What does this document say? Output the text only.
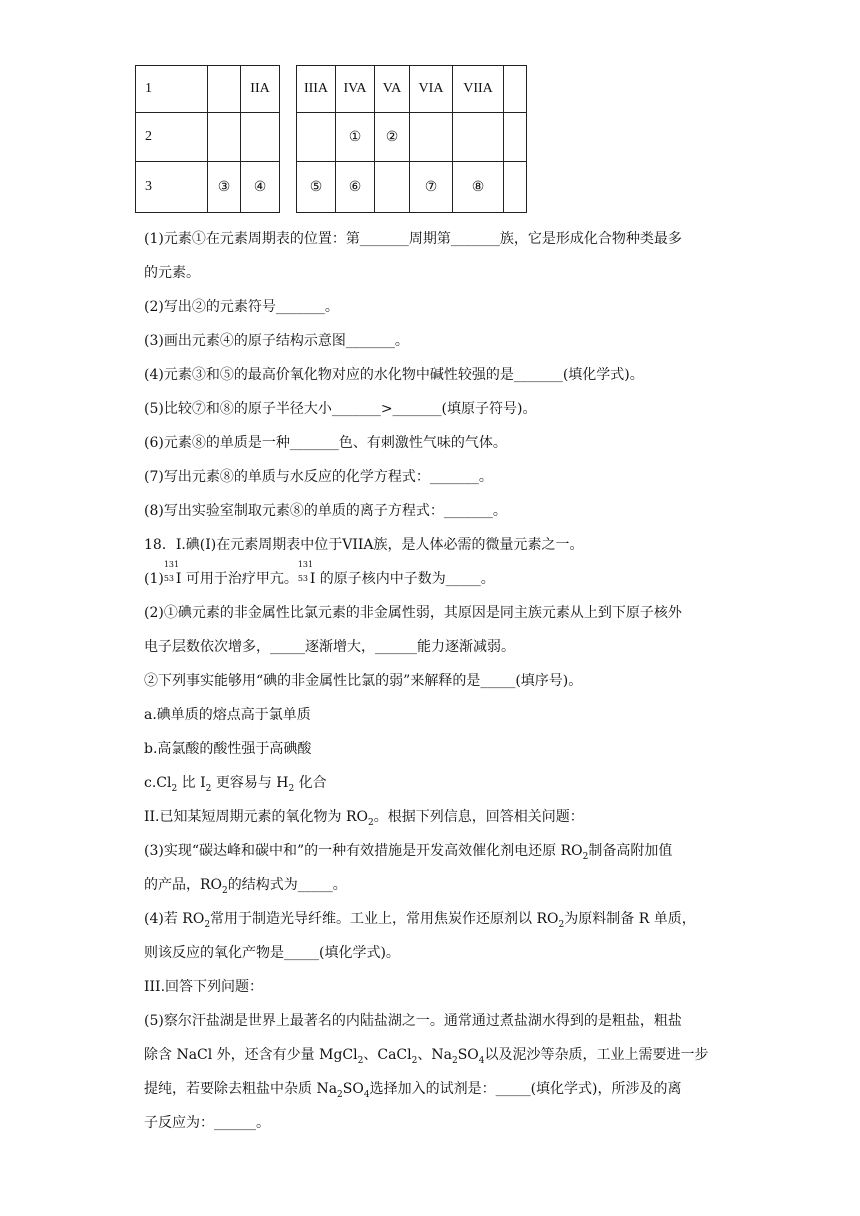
1		IIA		IIIA	IVA	VA	VIA	VIIA	
2					①	②			
3	③	④		⑤	⑥		⑦	⑧	
(1)元素①在元素周期表的位置：第_______周期第_______族，它是形成化合物种类最多
的元素。
(2)写出②的元素符号_______。
(3)画出元素④的原子结构示意图_______。
(4)元素③和⑤的最高价氧化物对应的水化物中碱性较强的是_______(填化学式)。
(5)比较⑦和⑧的原子半径大小_______>_______(填原子符号)。
(6)元素⑧的单质是一种_______色、有刺激性气味的气体。
(7)写出元素⑧的单质与水反应的化学方程式：_______。
(8)写出实验室制取元素⑧的单质的离子方程式：_______。
18．I.碘(I)在元素周期表中位于VIIA族，是人体必需的微量元素之一。
(1)
131
53 I 可用于治疗甲亢。
131
53 I 的原子核内中子数为_____。
(2)①碘元素的非金属性比氯元素的非金属性弱，其原因是同主族元素从上到下原子核外
电子层数依次增多，_____逐渐增大，______能力逐渐减弱。
②下列事实能够用“碘的非金属性比氯的弱”来解释的是_____(填序号)。
a.碘单质的熔点高于氯单质
b.高氯酸的酸性强于高碘酸
$c.Cl_2$ 比 $I_2$ 更容易与 $H_2$ 化合
II.已知某短周期元素的氧化物为 $RO_2$。根据下列信息，回答相关问题：
(3)实现“碳达峰和碳中和”的一种有效措施是开发高效催化剂电还原 $RO_2$制备高附加值
的产品，$RO_2$的结构式为_____。
(4)若 $RO_2$常用于制造光导纤维。工业上，常用焦炭作还原剂以 $RO_2$为原料制备 R 单质，
则该反应的氧化产物是_____(填化学式)。
III.回答下列问题：
(5)察尔汗盐湖是世界上最著名的内陆盐湖之一。通常通过煮盐湖水得到的是粗盐，粗盐
除含 NaCl 外，还含有少量 MgCl$_2$、CaCl$_2$、$Na_2SO_4$以及泥沙等杂质，工业上需要进一步
提纯，若要除去粗盐中杂质 $Na_2SO_4$选择加入的试剂是：_____(填化学式)，所涉及的离
子反应为：______。
